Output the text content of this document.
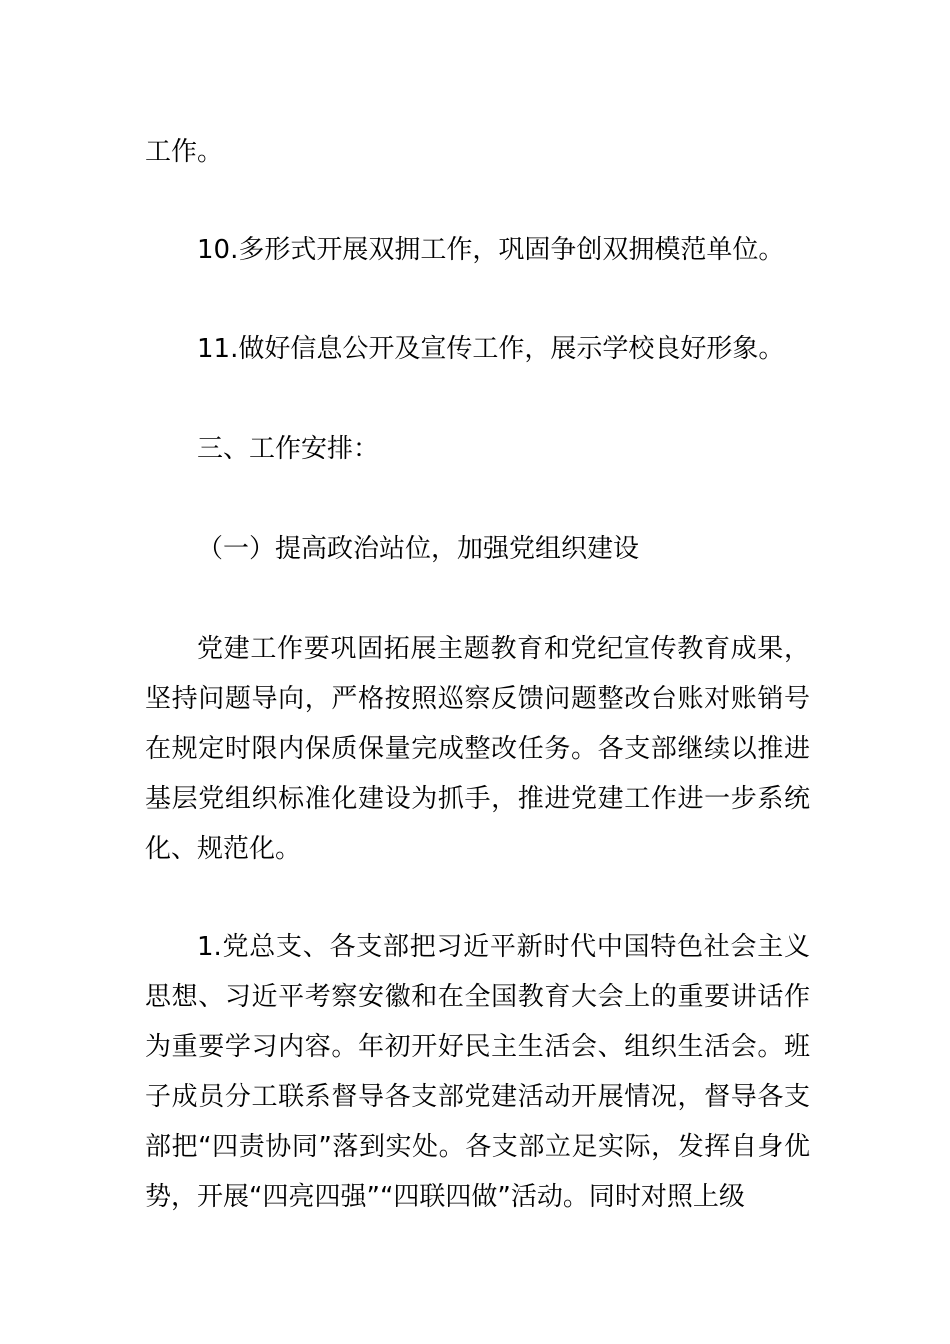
工作。
10.多形式开展双拥工作，巩固争创双拥模范单位。
11.做好信息公开及宣传工作，展示学校良好形象。
三、工作安排：
（一）提高政治站位，加强党组织建设

党建工作要巩固拓展主题教育和党纪宣传教育成果，坚持问题导向，严格按照巡察反馈问题整改台账对账销号在规定时限内保质保量完成整改任务。各支部继续以推进基层党组织标准化建设为抓手，推进党建工作进一步系统化、规范化。

1.党总支、各支部把习近平新时代中国特色社会主义思想、习近平考察安徽和在全国教育大会上的重要讲话作为重要学习内容。年初开好民主生活会、组织生活会。班子成员分工联系督导各支部党建活动开展情况，督导各支部把“四责协同”落到实处。各支部立足实际，发挥自身优势，开展“四亮四强”“四联四做”活动。同时对照上级
